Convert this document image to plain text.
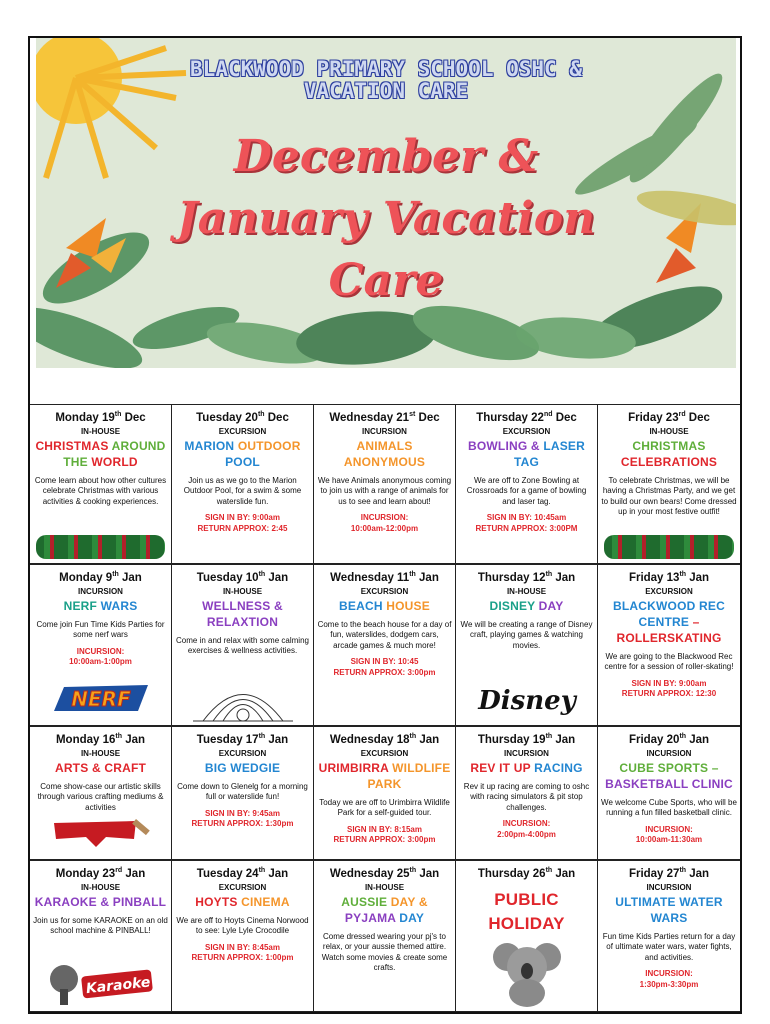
BLACKWOOD PRIMARY SCHOOL OSHC &
VACATION CARE
December &
January Vacation
Care
Monday 19th Dec
IN-HOUSE
CHRISTMAS AROUND THE WORLD
Come learn about how other cultures celebrate Christmas with various activities & cooking experiences.
Tuesday 20th Dec
EXCURSION
MARION OUTDOOR POOL
Join us as we go to the Marion Outdoor Pool, for a swim & some waterslide fun.
SIGN IN BY: 9:00am
RETURN APPROX: 2:45
Wednesday 21st Dec
INCURSION
ANIMALS ANONYMOUS
We have Animals anonymous coming to join us with a range of animals for us to see and learn about!
INCURSION:
10:00am-12:00pm
Thursday 22nd Dec
EXCURSION
BOWLING & LASER TAG
We are off to Zone Bowling at Crossroads for a game of bowling and laser tag.
SIGN IN BY: 10:45am
RETURN APPROX: 3:00PM
Friday 23rd Dec
IN-HOUSE
CHRISTMAS CELEBRATIONS
To celebrate Christmas, we will be having a Christmas Party, and we get to build our own bears! Come dressed up in your most festive outfit!
Monday 9th Jan
INCURSION
NERF WARS
Come join Fun Time Kids Parties for some nerf wars
INCURSION:
10:00am-1:00pm
NERF
Tuesday 10th Jan
IN-HOUSE
WELLNESS & RELAXTION
Come in and relax with some calming exercises & wellness activities.
Wednesday 11th Jan
EXCURSION
BEACH HOUSE
Come to the beach house for a day of fun, waterslides, dodgem cars, arcade games & much more!
SIGN IN BY: 10:45
RETURN APPROX: 3:00pm
Thursday 12th Jan
IN-HOUSE
DISNEY DAY
We will be creating a range of Disney craft, playing games & watching movies.
Disney
Friday 13th Jan
EXCURSION
BLACKWOOD REC CENTRE – ROLLERSKATING
We are going to the Blackwood Rec centre for a session of roller-skating!
SIGN IN BY: 9:00am
RETURN APPROX: 12:30
Monday 16th Jan
IN-HOUSE
ARTS & CRAFT
Come show-case our artistic skills through various crafting mediums & activities
Tuesday 17th Jan
EXCURSION
BIG WEDGIE
Come down to Glenelg for a morning full or waterslide fun!
SIGN IN BY: 9:45am
RETURN APPROX: 1:30pm
Wednesday 18th Jan
EXCURSION
URIMBIRRA WILDLIFE PARK
Today we are off to Urimbirra Wildlife Park for a self-guided tour.
SIGN IN BY: 8:15am
RETURN APPROX: 3:00pm
Thursday 19th Jan
INCURSION
REV IT UP RACING
Rev it up racing are coming to oshc with racing simulators & pit stop challenges.
INCURSION:
2:00pm-4:00pm
Friday 20th Jan
INCURSION
CUBE SPORTS – BASKETBALL CLINIC
We welcome Cube Sports, who will be running a fun filled basketball clinic.
INCURSION:
10:00am-11:30am
Monday 23rd Jan
IN-HOUSE
KARAOKE & PINBALL
Join us for some KARAOKE on an old school machine & PINBALL!
Karaoke
Tuesday 24th Jan
EXCURSION
HOYTS CINEMA
We are off to Hoyts Cinema Norwood to see: Lyle Lyle Crocodile
SIGN IN BY: 8:45am
RETURN APPROX: 1:00pm
Wednesday 25th Jan
IN-HOUSE
AUSSIE DAY & PYJAMA DAY
Come dressed wearing your pj's to relax, or your aussie themed attire. Watch some movies & create some crafts.
Thursday 26th Jan
PUBLIC HOLIDAY
Friday 27th Jan
INCURSION
ULTIMATE WATER WARS
Fun time Kids Parties return for a day of ultimate water wars, water fights, and activities.
INCURSION:
1:30pm-3:30pm
